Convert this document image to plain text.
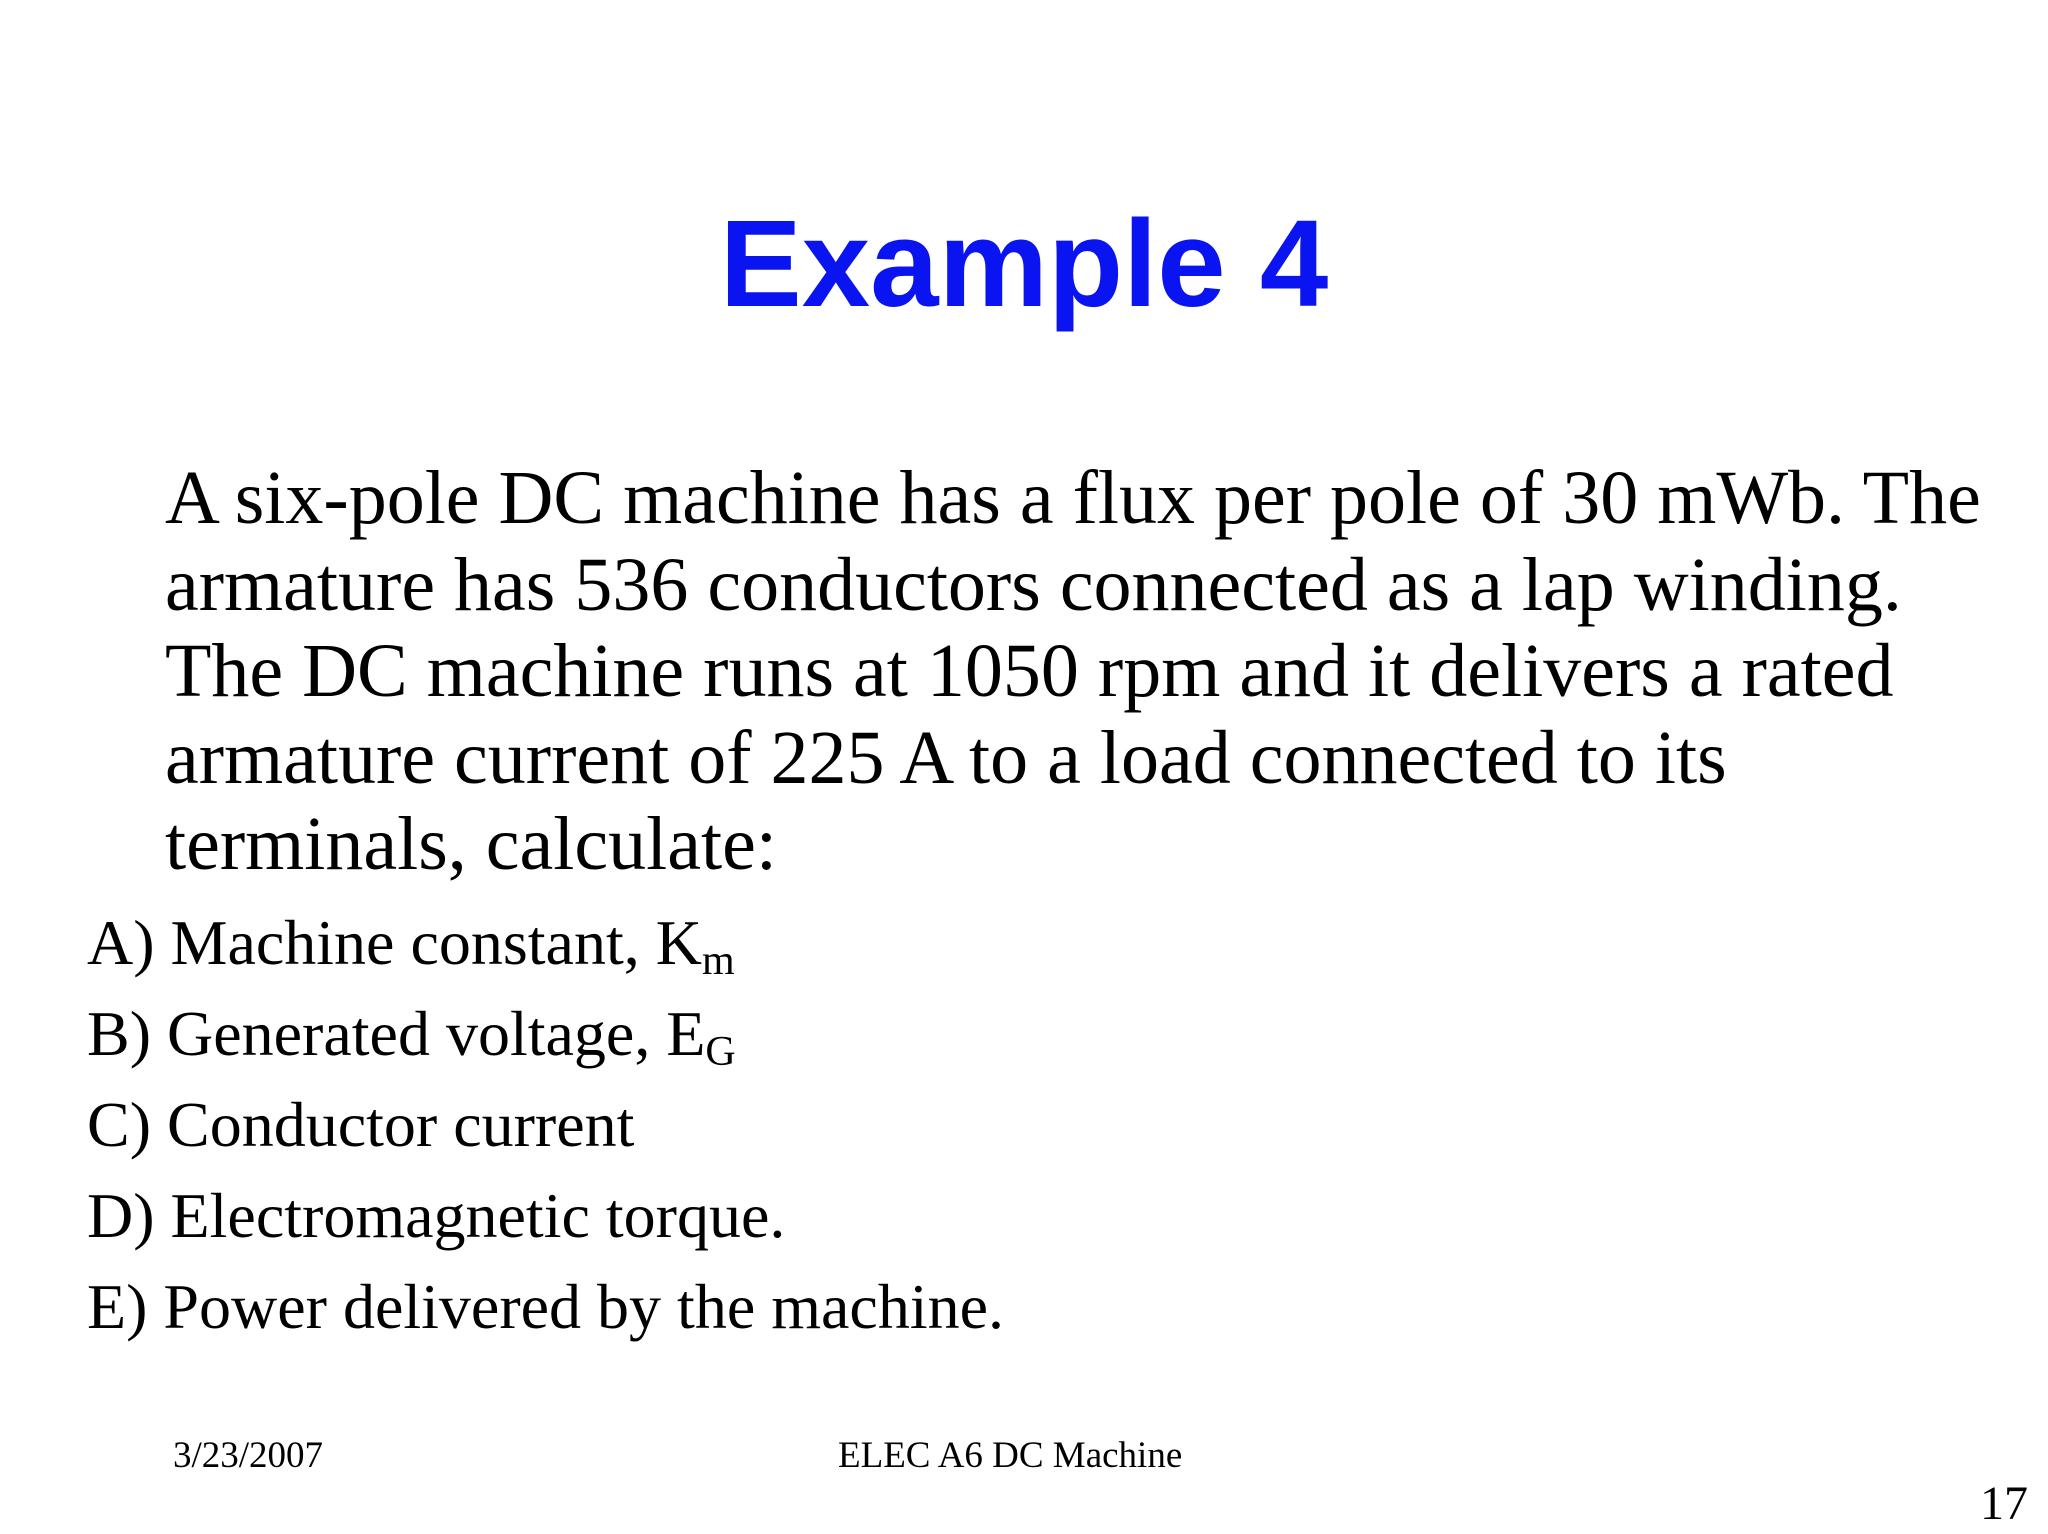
Example 4

A six-pole DC machine has a flux per pole of 30 mWb. The armature has 536 conductors connected as a lap winding. The DC machine runs at 1050 rpm and it delivers a rated armature current of 225 A to a load connected to its terminals, calculate:

A) Machine constant, $K_m$
B) Generated voltage, $E_G$
C) Conductor current
D) Electromagnetic torque.
E) Power delivered by the machine.
3/23/2007	ELEC A6 DC Machine
17
